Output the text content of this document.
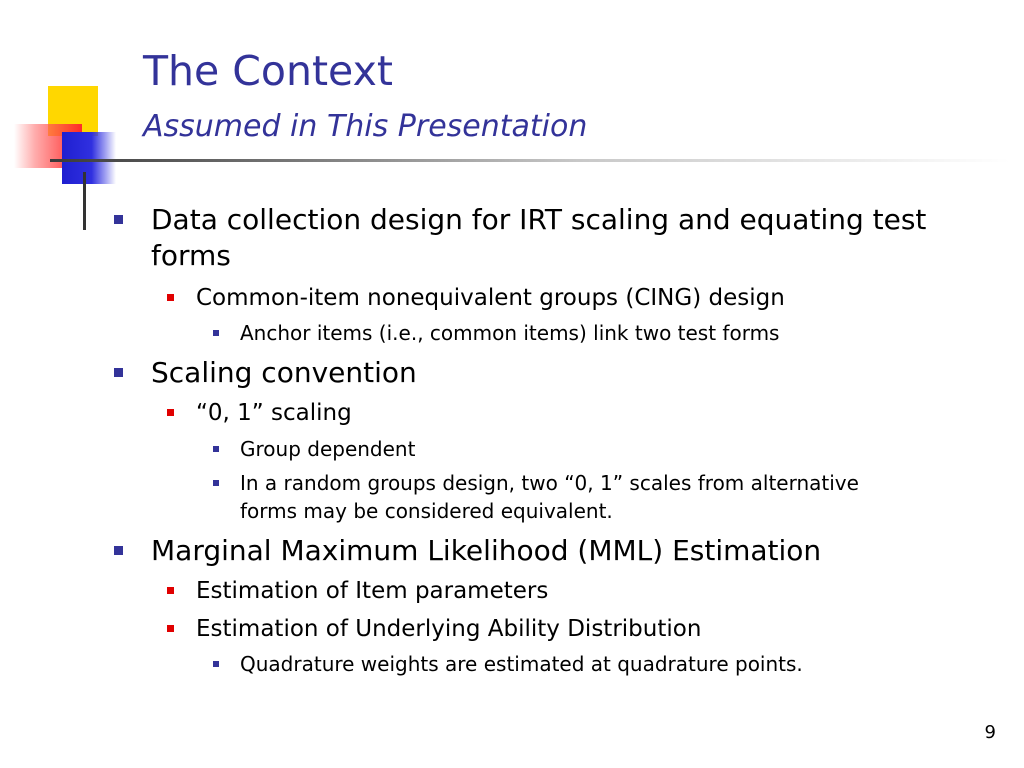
The Context
Assumed in This Presentation
Data collection design for IRT scaling and equating test
forms
Common-item nonequivalent groups (CING) design
Anchor items (i.e., common items) link two test forms
Scaling convention
“0, 1” scaling
Group dependent
In a random groups design, two “0, 1” scales from alternative
forms may be considered equivalent.
Marginal Maximum Likelihood (MML) Estimation
Estimation of Item parameters
Estimation of Underlying Ability Distribution
Quadrature weights are estimated at quadrature points.
9
